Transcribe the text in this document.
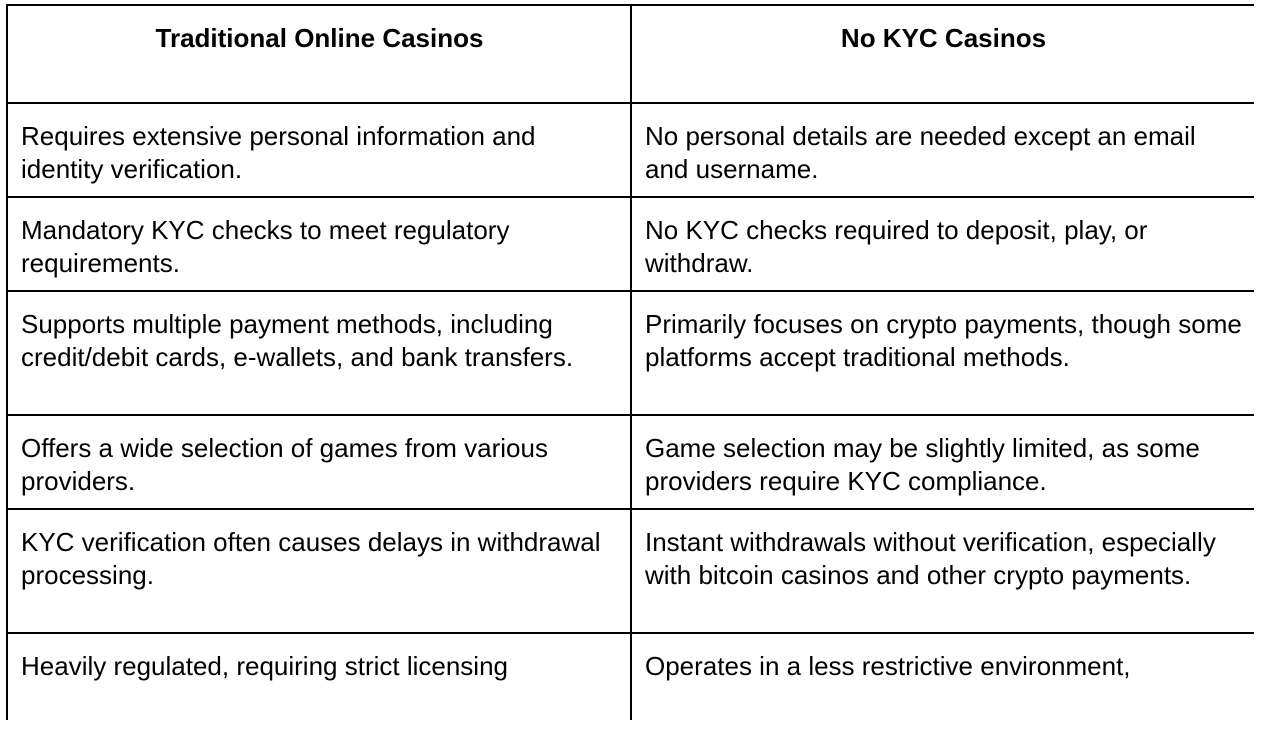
Traditional Online Casinos	No KYC Casinos
Requires extensive personal information and identity verification.	No personal details are needed except an email and username.
Mandatory KYC checks to meet regulatory requirements.	No KYC checks required to deposit, play, or withdraw.
Supports multiple payment methods, including credit/debit cards, e-wallets, and bank transfers.	Primarily focuses on crypto payments, though some platforms accept traditional methods.
Offers a wide selection of games from various providers.	Game selection may be slightly limited, as some providers require KYC compliance.
KYC verification often causes delays in withdrawal processing.	Instant withdrawals without verification, especially with bitcoin casinos and other crypto payments.
Heavily regulated, requiring strict licensing	Operates in a less restrictive environment,
